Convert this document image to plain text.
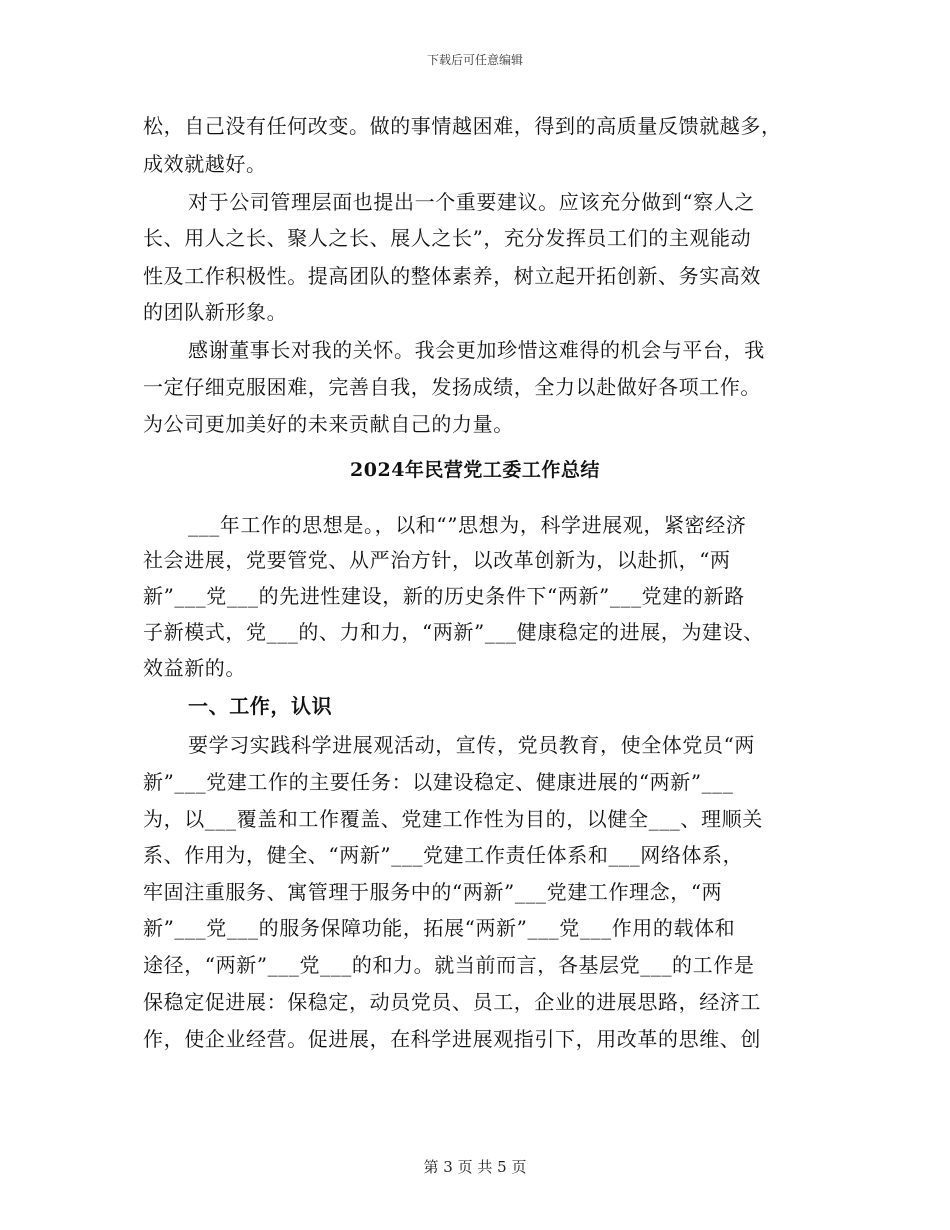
下载后可任意编辑
松，自己没有任何改变。做的事情越困难，得到的高质量反馈就越多，
成效就越好。
对于公司管理层面也提出一个重要建议。应该充分做到“察人之
长、用人之长、聚人之长、展人之长”，充分发挥员工们的主观能动
性及工作积极性。提高团队的整体素养，树立起开拓创新、务实高效
的团队新形象。
感谢董事长对我的关怀。我会更加珍惜这难得的机会与平台，我
一定仔细克服困难，完善自我，发扬成绩，全力以赴做好各项工作。
为公司更加美好的未来贡献自己的力量。
2024年民营党工委工作总结
___年工作的思想是。，以和“”思想为，科学进展观，紧密经济
社会进展，党要管党、从严治方针，以改革创新为，以赴抓，“两
新”___党___的先进性建设，新的历史条件下“两新”___党建的新路
子新模式，党___的、力和力，“两新”___健康稳定的进展，为建设、
效益新的。
一、工作，认识
要学习实践科学进展观活动，宣传，党员教育，使全体党员“两
新”___党建工作的主要任务：以建设稳定、健康进展的“两新”___
为，以___覆盖和工作覆盖、党建工作性为目的，以健全___、理顺关
系、作用为，健全、“两新”___党建工作责任体系和___网络体系，
牢固注重服务、寓管理于服务中的“两新”___党建工作理念，“两
新”___党___的服务保障功能，拓展“两新”___党___作用的载体和
途径，“两新”___党___的和力。就当前而言，各基层党___的工作是
保稳定促进展：保稳定，动员党员、员工，企业的进展思路，经济工
作，使企业经营。促进展，在科学进展观指引下，用改革的思维、创
第 3 页 共 5 页
